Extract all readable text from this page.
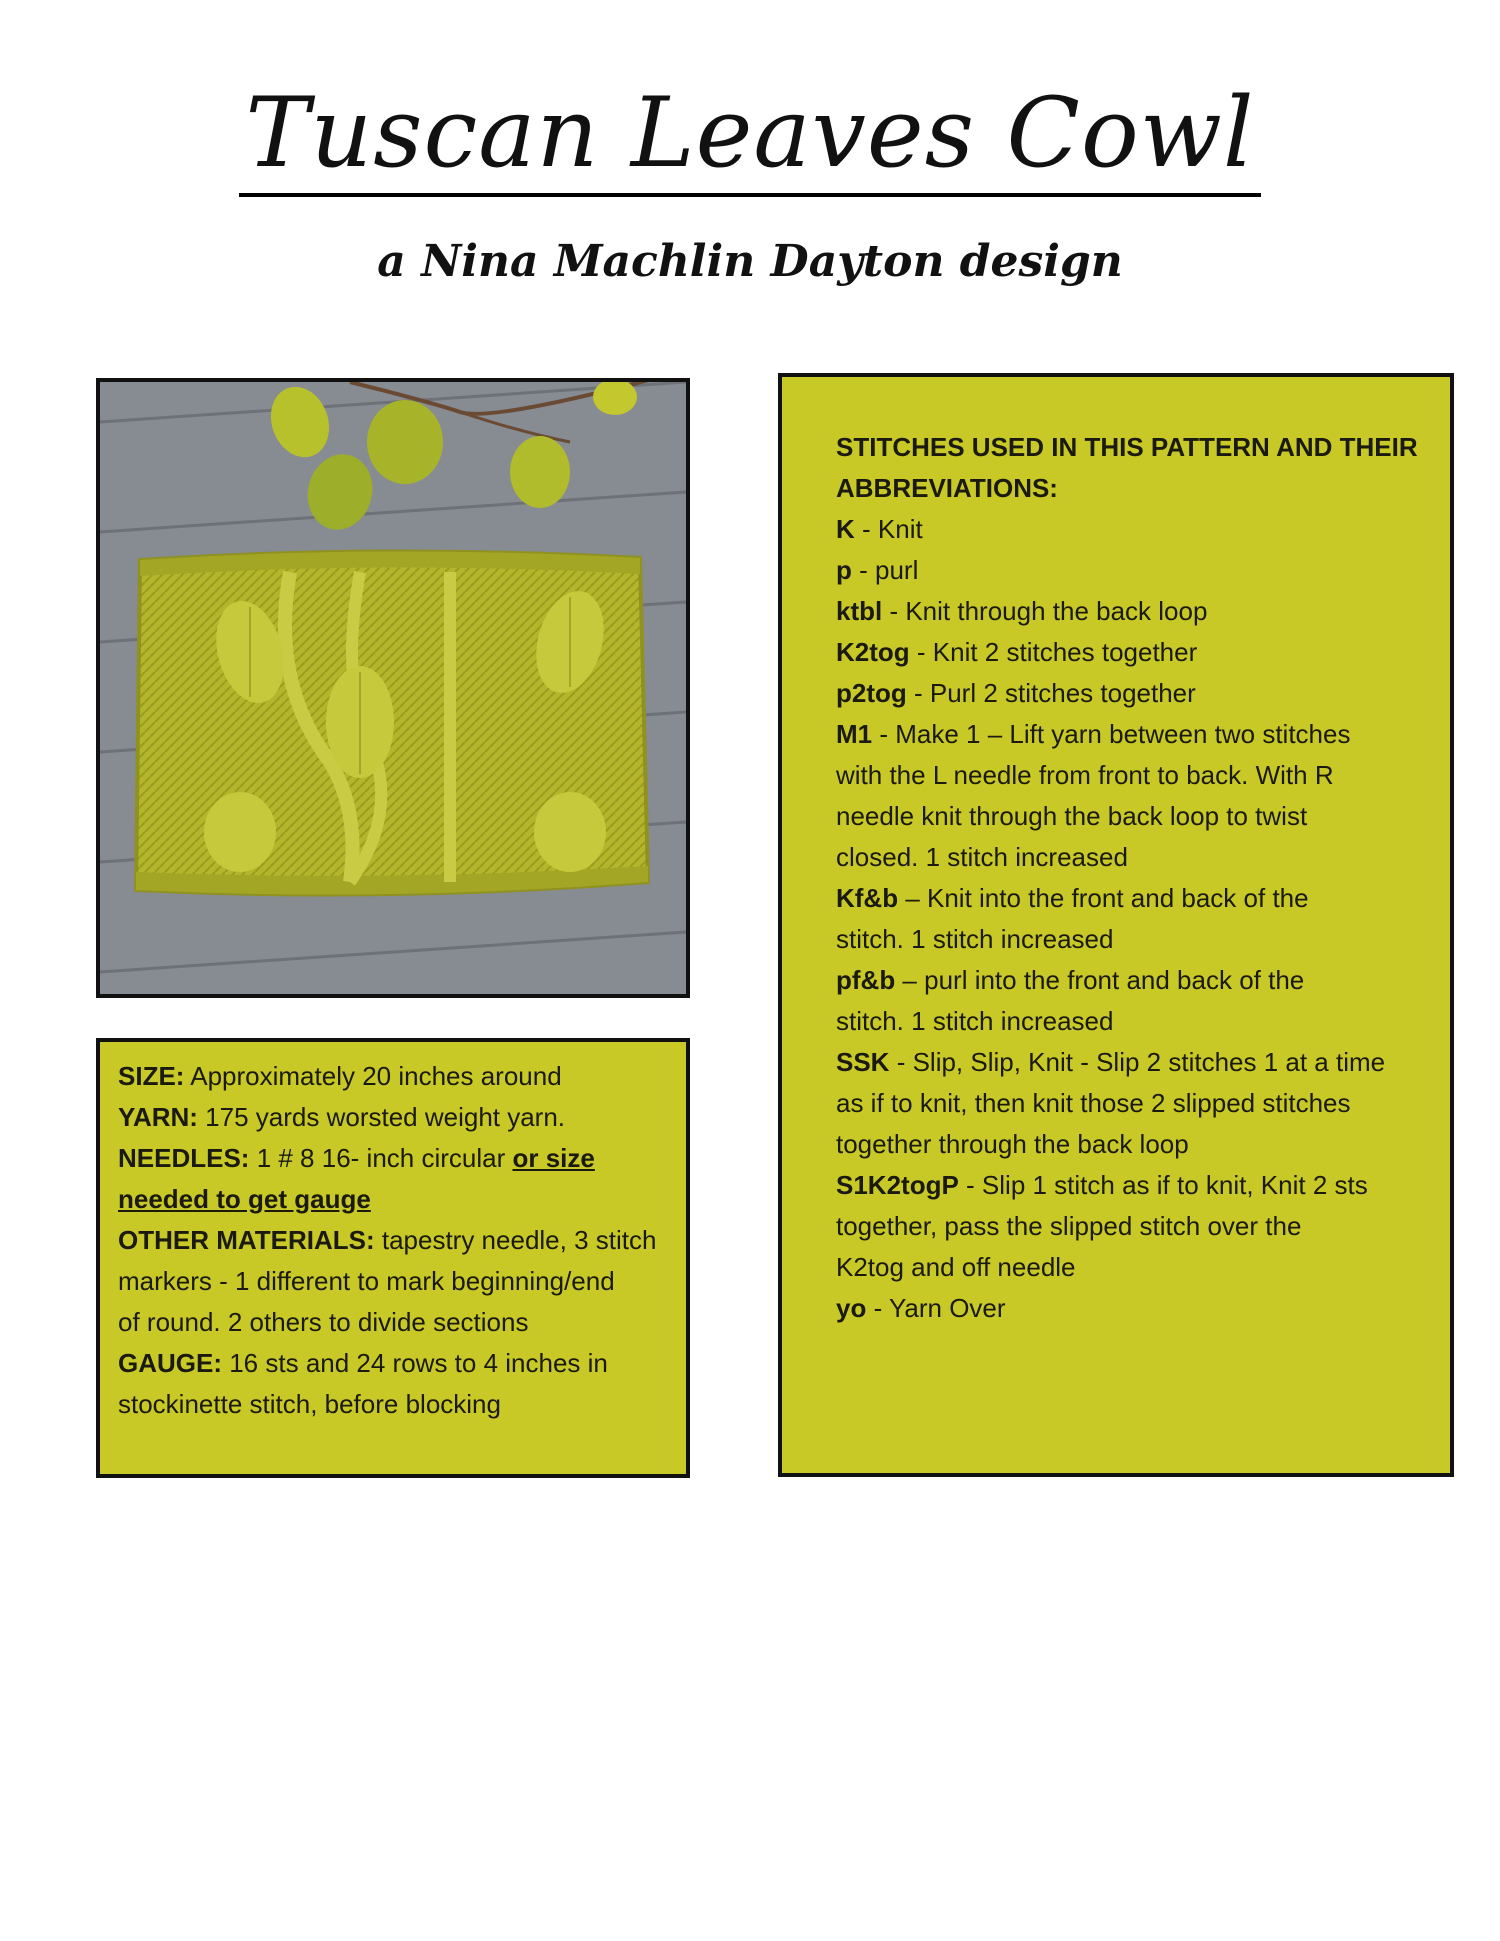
Tuscan Leaves Cowl
a Nina Machlin Dayton design
SIZE: Approximately 20 inches around
YARN: 175 yards worsted weight yarn.
NEEDLES: 1 # 8 16- inch circular or size
needed to get gauge
OTHER MATERIALS: tapestry needle, 3 stitch
markers - 1 different to mark beginning/end
of round. 2 others to divide sections
GAUGE: 16 sts and 24 rows to 4 inches in
stockinette stitch, before blocking
STITCHES USED IN THIS PATTERN AND THEIR
ABBREVIATIONS:
K - Knit
p - purl
ktbl - Knit through the back loop
K2tog - Knit 2 stitches together
p2tog - Purl 2 stitches together
M1 - Make 1 – Lift yarn between two stitches
with the L needle from front to back. With R
needle knit through the back loop to twist
closed. 1 stitch increased
Kf&b – Knit into the front and back of the
stitch. 1 stitch increased
pf&b – purl into the front and back of the
stitch. 1 stitch increased
SSK - Slip, Slip, Knit - Slip 2 stitches 1 at a time
as if to knit, then knit those 2 slipped stitches
together through the back loop
S1K2togP - Slip 1 stitch as if to knit, Knit 2 sts
together, pass the slipped stitch over the
K2tog and off needle
yo - Yarn Over
